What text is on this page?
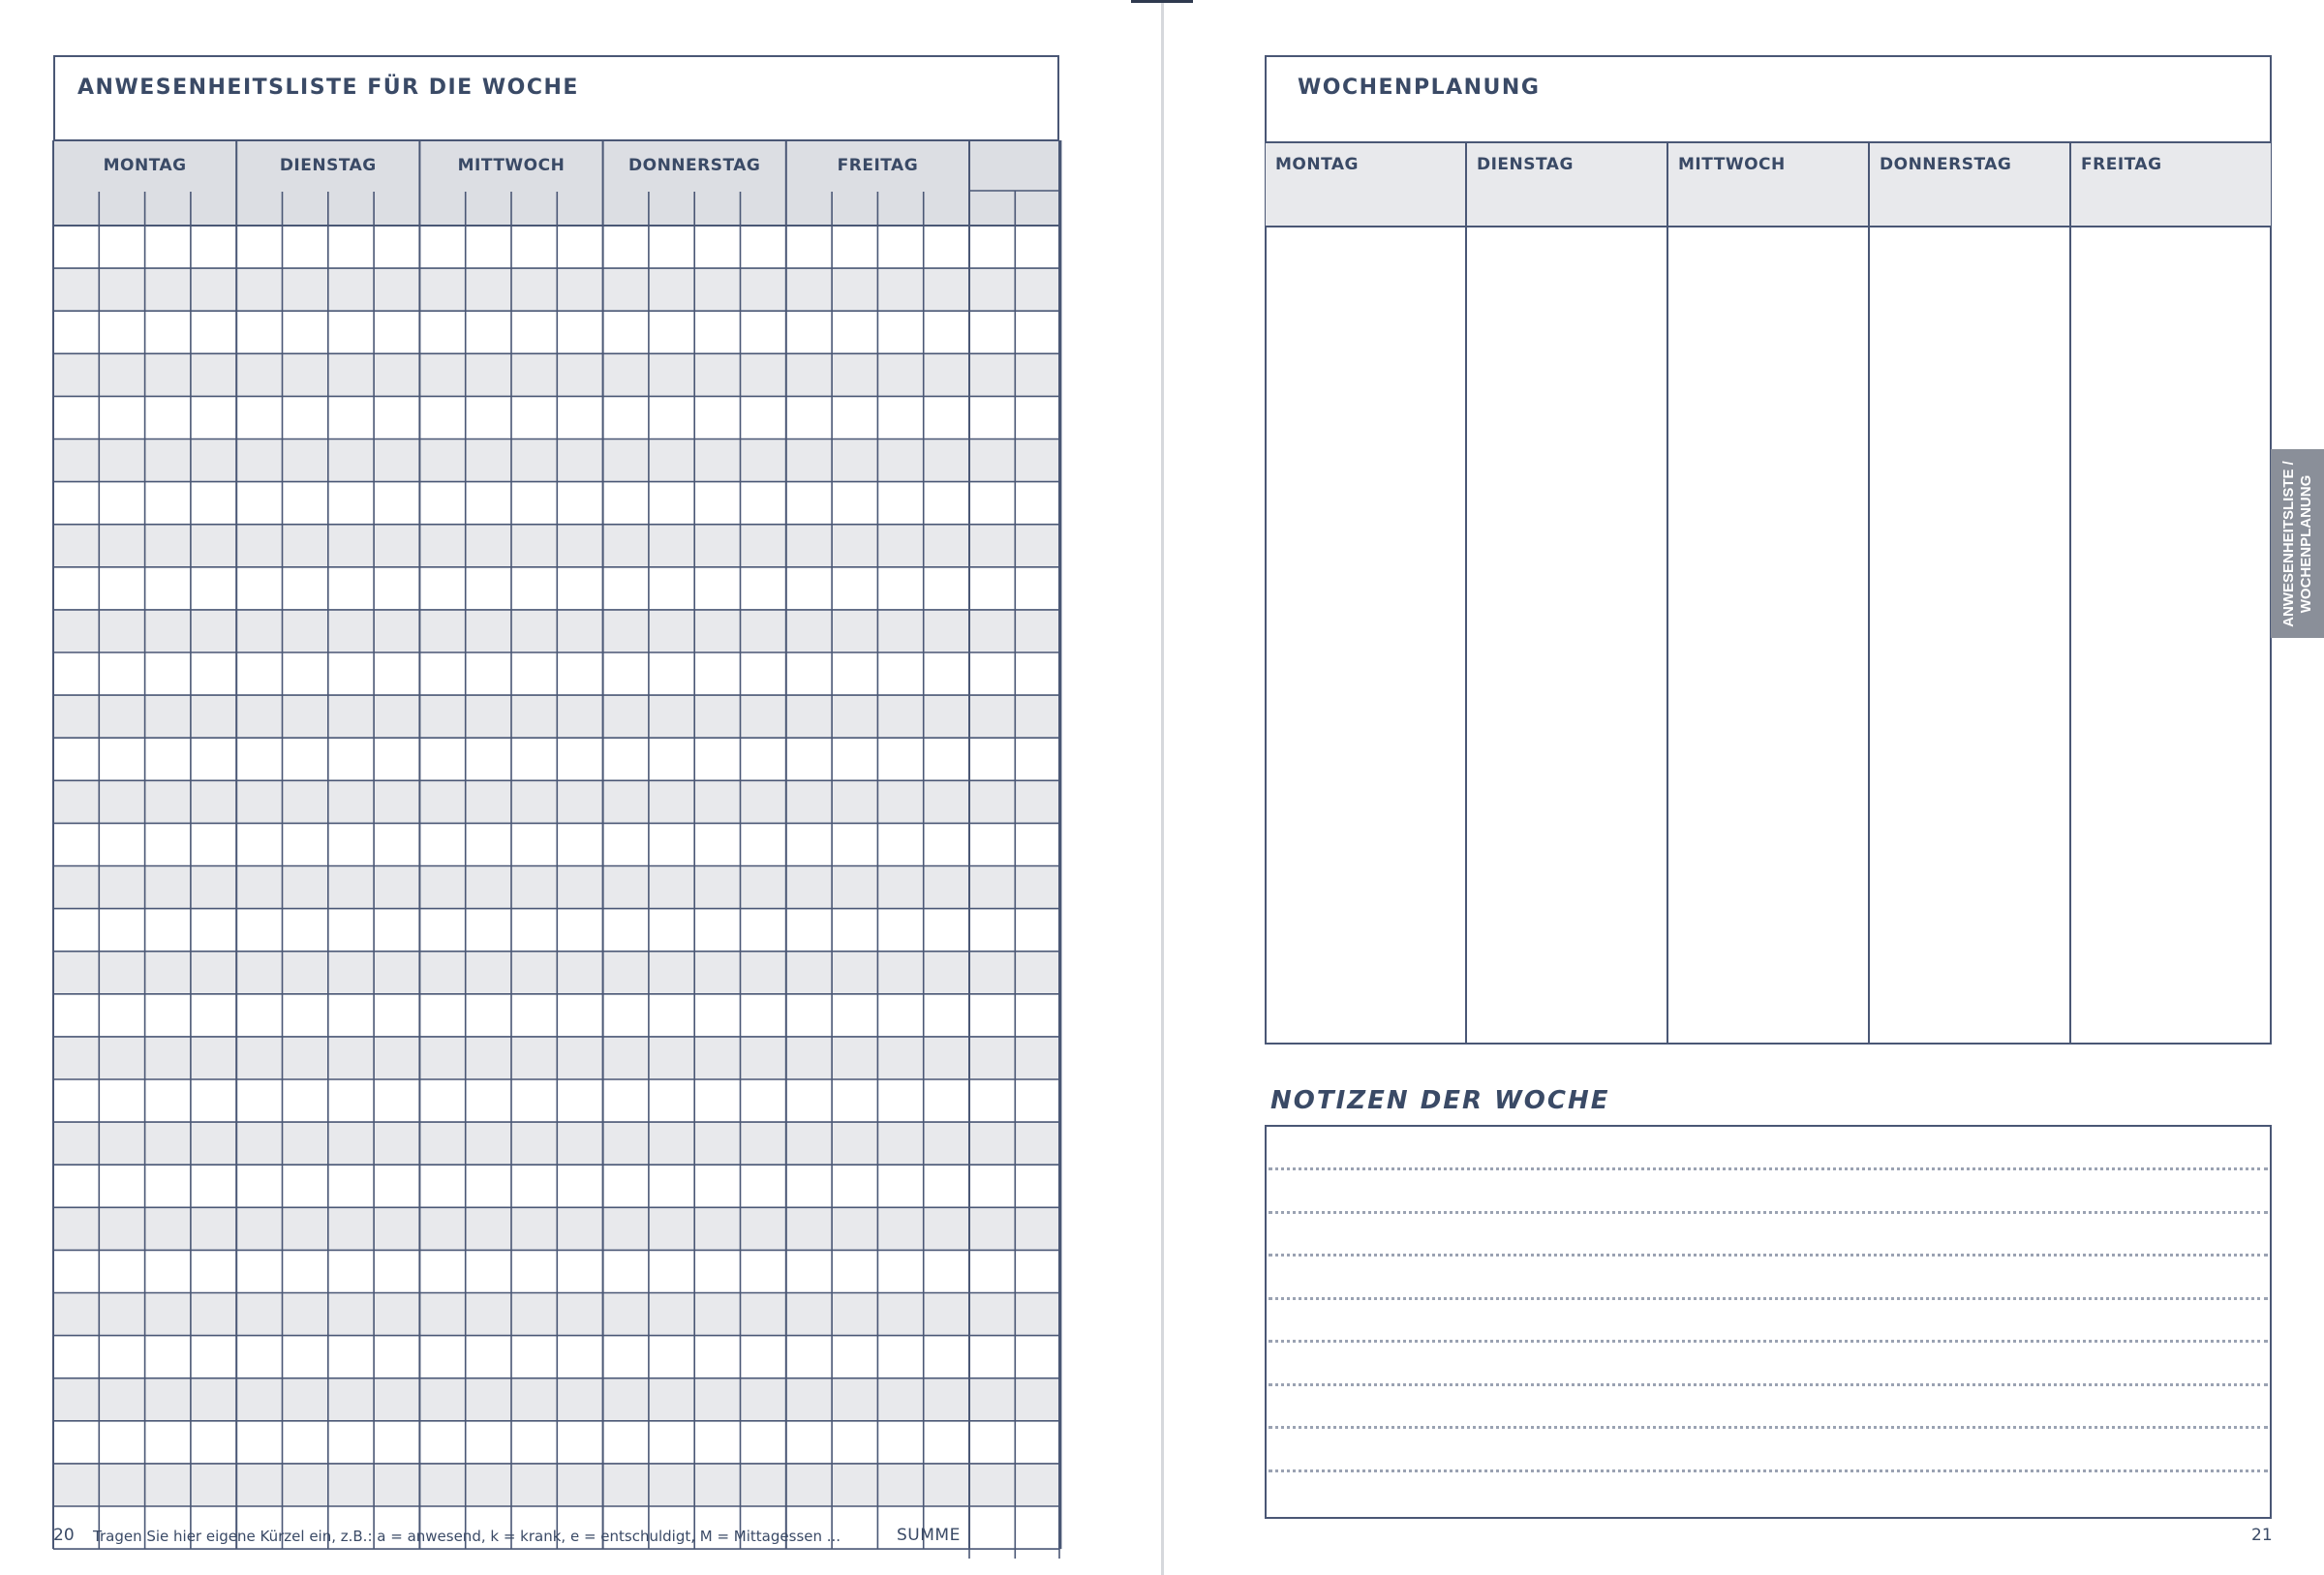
ANWESENHEITSLISTE FÜR DIE WOCHE
MONTAG	DIENSTAG	MITTWOCH	DONNERSTAG	FREITAG
20 Tragen Sie hier eigene Kürzel ein, z.B.: a = anwesend, k = krank, e = entschuldigt, M = Mittagessen ...	SUMME
WOCHENPLANUNG
MONTAG	DIENSTAG	MITTWOCH	DONNERSTAG	FREITAG
NOTIZEN DER WOCHE
21
ANWESENHEITSLISTE / WOCHENPLANUNG
